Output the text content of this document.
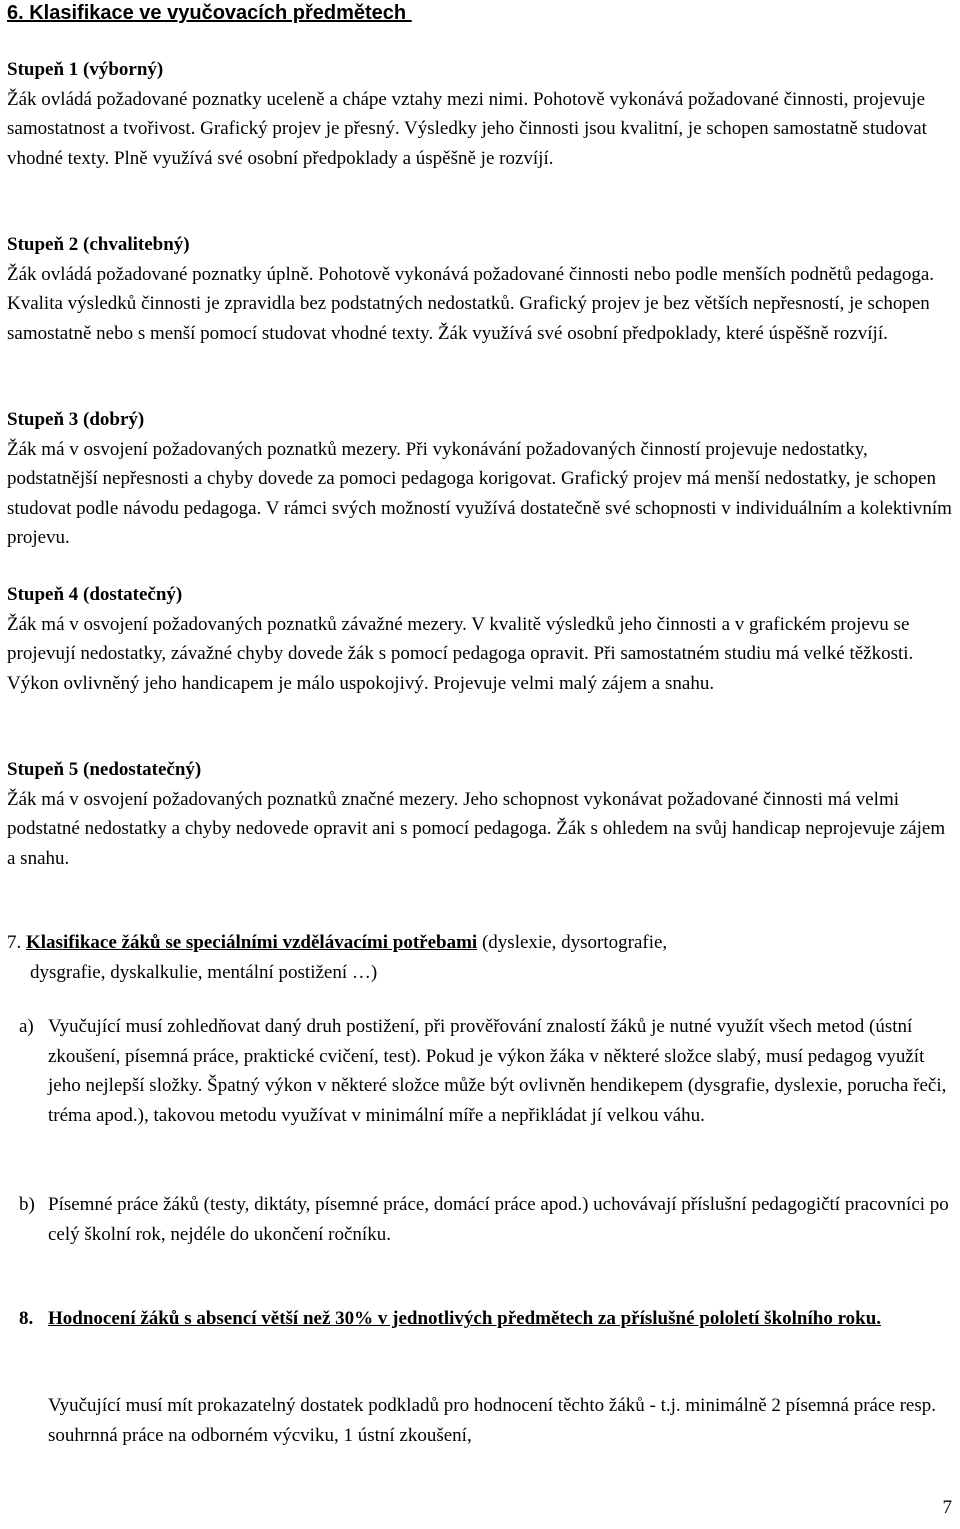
6. Klasifikace ve vyučovacích předmětech

Stupeň 1 (výborný)

Žák ovládá požadované poznatky uceleně a chápe vztahy mezi nimi. Pohotově vykonává požadované činnosti, projevuje samostatnost a tvořivost. Grafický projev je přesný. Výsledky jeho činnosti jsou kvalitní, je schopen samostatně studovat vhodné texty. Plně využívá své osobní předpoklady a úspěšně je rozvíjí.

Stupeň 2 (chvalitebný)

Žák ovládá požadované poznatky úplně. Pohotově vykonává požadované činnosti nebo podle menších podnětů pedagoga. Kvalita výsledků činnosti je zpravidla bez podstatných nedostatků. Grafický projev je bez větších nepřesností, je schopen samostatně nebo s menší pomocí studovat vhodné texty. Žák využívá své osobní předpoklady, které úspěšně rozvíjí.

Stupeň 3 (dobrý)

Žák má v osvojení požadovaných poznatků mezery. Při vykonávání požadovaných činností projevuje nedostatky, podstatnější nepřesnosti a chyby dovede za pomoci pedagoga korigovat. Grafický projev má menší nedostatky, je schopen studovat podle návodu pedagoga. V rámci svých možností využívá dostatečně své schopnosti v individuálním a kolektivním projevu.

Stupeň 4 (dostatečný)

Žák má v osvojení požadovaných poznatků závažné mezery. V kvalitě výsledků jeho činnosti a v grafickém projevu se projevují nedostatky, závažné chyby dovede žák s pomocí pedagoga opravit. Při samostatném studiu má velké těžkosti. Výkon ovlivněný jeho handicapem je málo uspokojivý. Projevuje velmi malý zájem a snahu.

Stupeň 5 (nedostatečný)

Žák má v osvojení požadovaných poznatků značné mezery. Jeho schopnost vykonávat požadované činnosti má velmi podstatné nedostatky a chyby nedovede opravit ani s pomocí pedagoga. Žák s ohledem na svůj handicap neprojevuje zájem a snahu.

7. Klasifikace žáků se speciálními vzdělávacími potřebami (dyslexie, dysortografie,
dysgrafie, dyskalkulie, mentální postižení …)

a) Vyučující musí zohledňovat daný druh postižení, při prověřování znalostí žáků je nutné využít všech metod (ústní zkoušení, písemná práce, praktické cvičení, test). Pokud je výkon žáka v některé složce slabý, musí pedagog využít jeho nejlepší složky. Špatný výkon v některé složce může být ovlivněn hendikepem (dysgrafie, dyslexie, porucha řeči, tréma apod.), takovou metodu využívat v minimální míře a nepřikládat jí velkou váhu.

b) Písemné práce žáků (testy, diktáty, písemné práce, domácí práce apod.) uchovávají příslušní pedagogičtí pracovníci po celý školní rok, nejdéle do ukončení ročníku.

8. Hodnocení žáků s absencí větší než 30% v jednotlivých předmětech za příslušné pololetí školního roku.

Vyučující musí mít prokazatelný dostatek podkladů pro hodnocení těchto žáků - t.j. minimálně 2 písemná práce resp. souhrnná práce na odborném výcviku, 1 ústní zkoušení,

7
